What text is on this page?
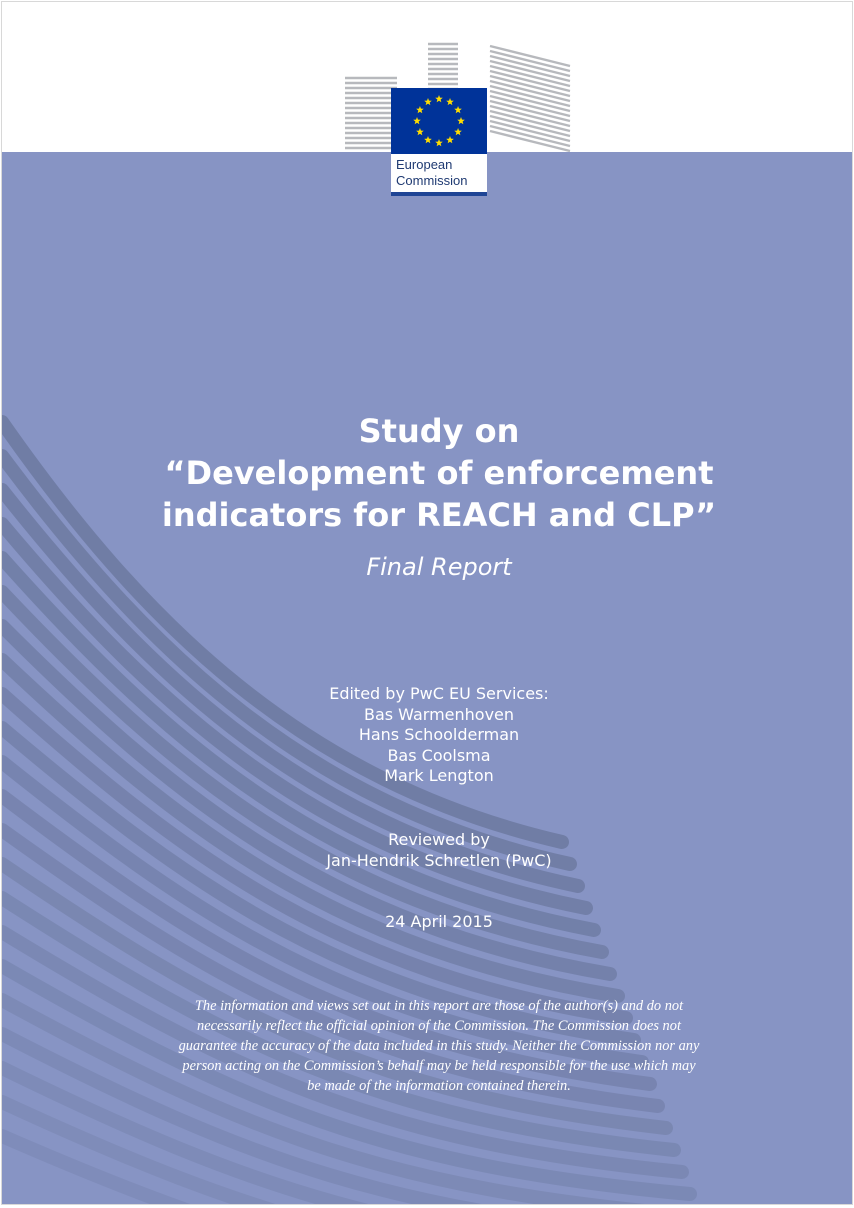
European
Commission
Study on
“Development of enforcement
indicators for REACH and CLP”
Final Report
Edited by PwC EU Services:
Bas Warmenhoven
Hans Schoolderman
Bas Coolsma
Mark Lengton
Reviewed by
Jan-Hendrik Schretlen (PwC)
24 April 2015
The information and views set out in this report are those of the author(s) and do not
necessarily reflect the official opinion of the Commission. The Commission does not
guarantee the accuracy of the data included in this study. Neither the Commission nor any
person acting on the Commission’s behalf may be held responsible for the use which may
be made of the information contained therein.
